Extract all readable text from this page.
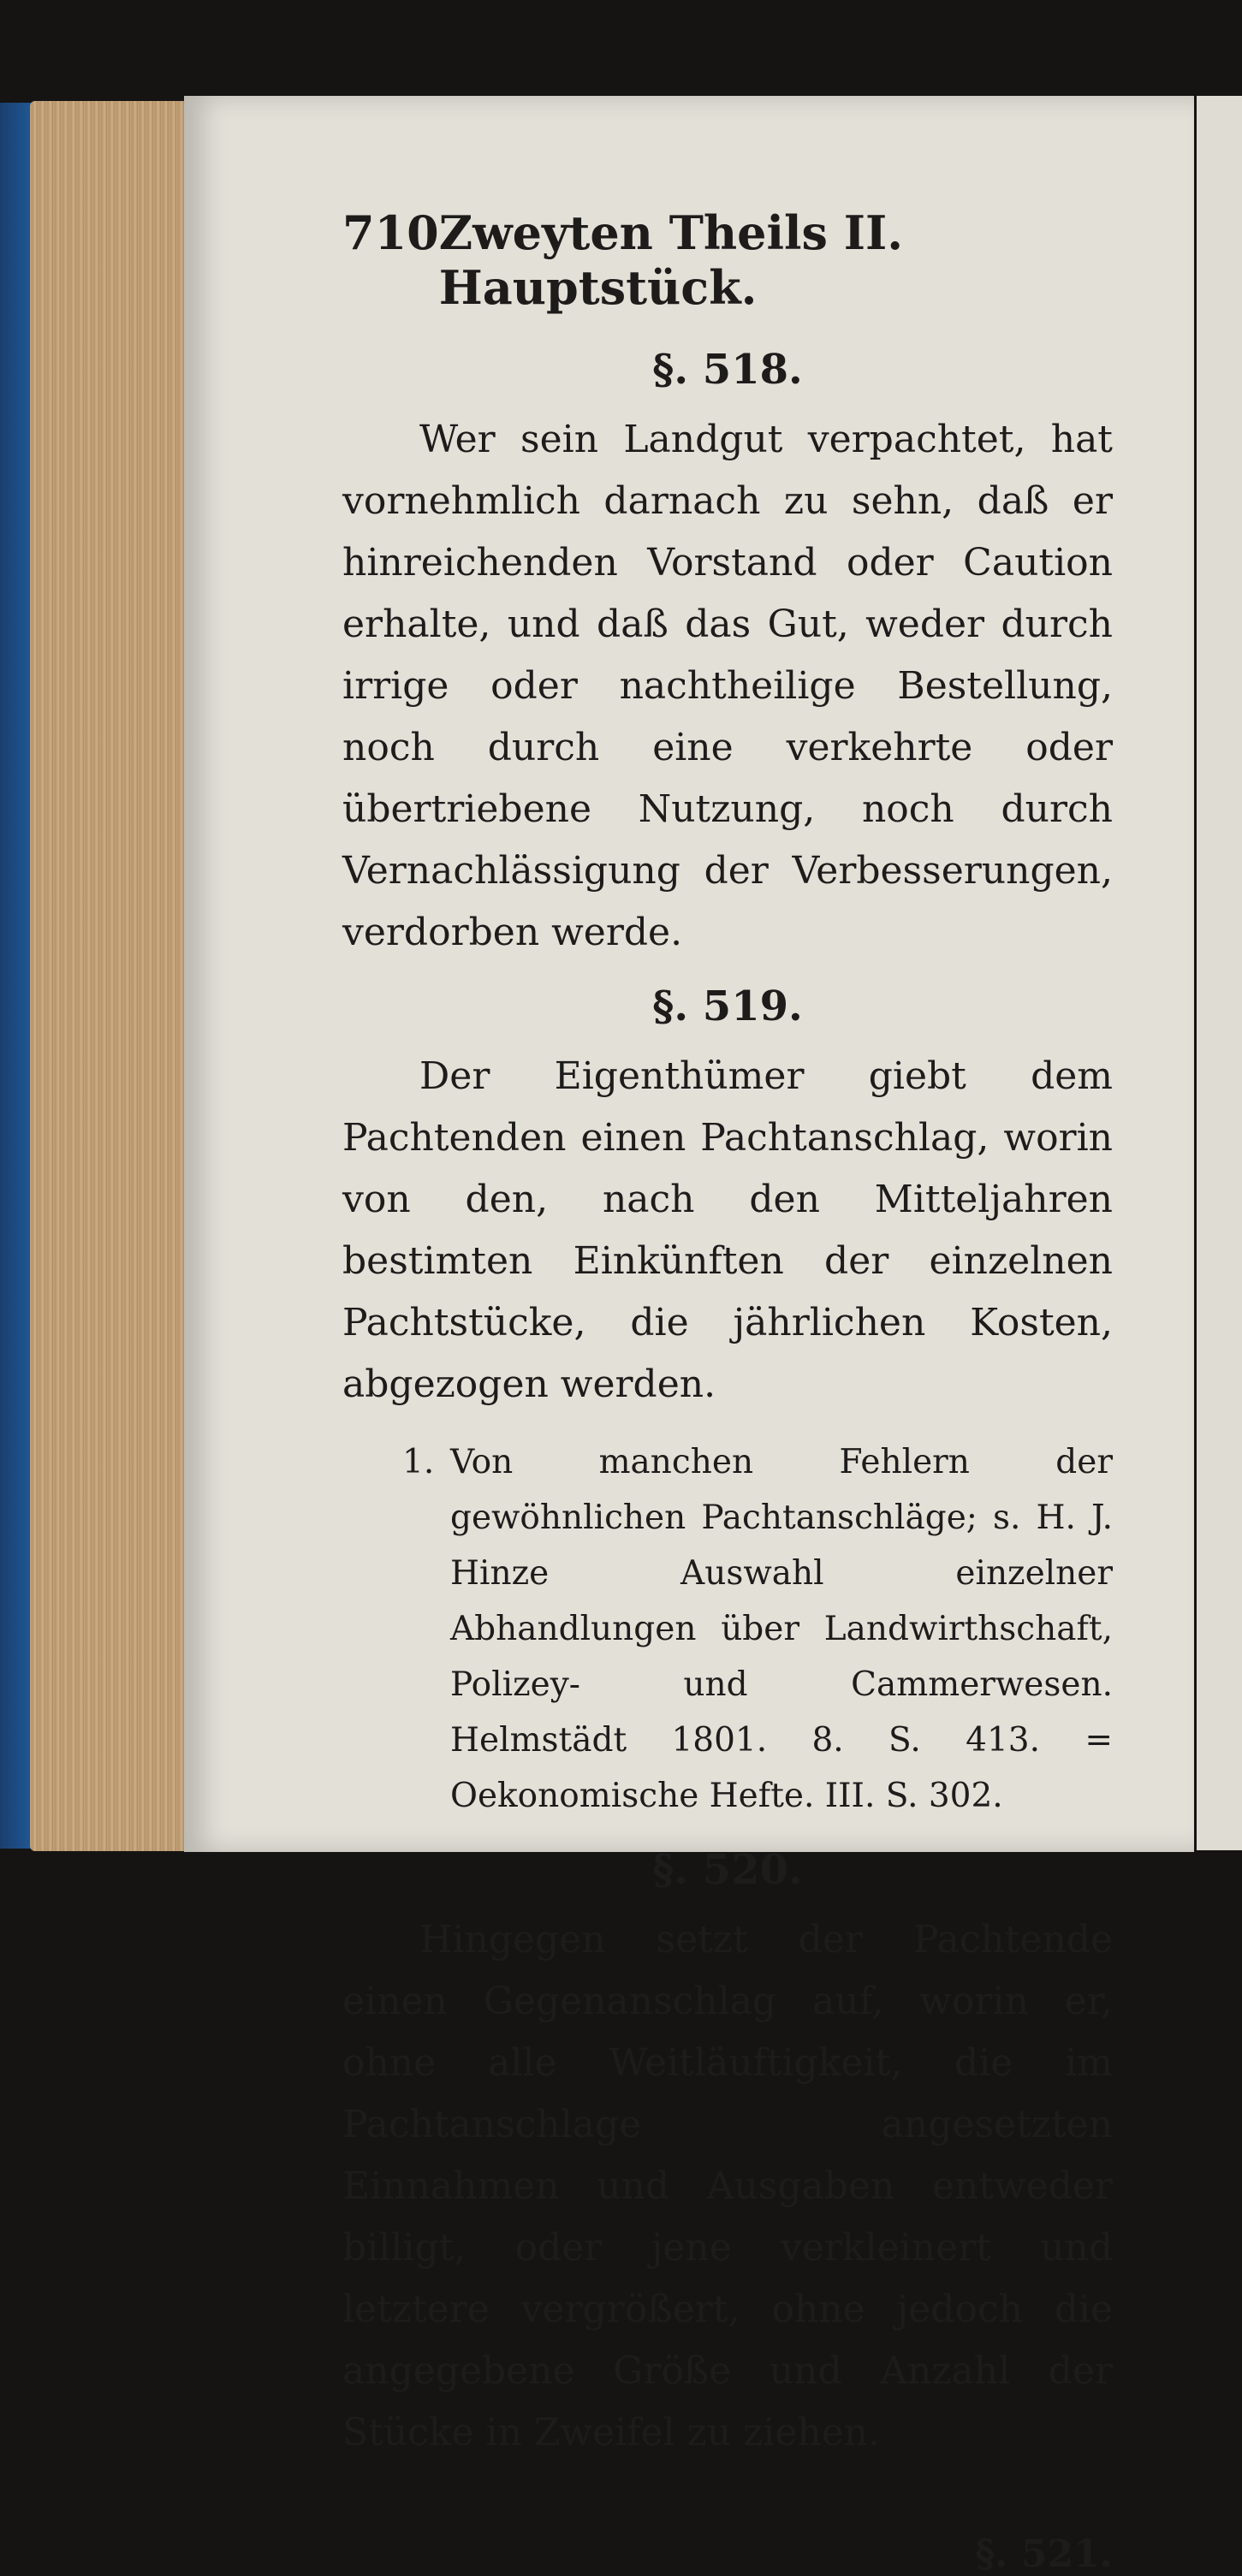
710 Zweyten Theils II. Hauptstück.
§. 518.

Wer sein Landgut verpachtet, hat vornehmlich darnach zu sehn, daß er hinreichenden Vorstand oder Caution erhalte, und daß das Gut, weder durch irrige oder nachtheilige Bestellung, noch durch eine verkehrte oder übertriebene Nutzung, noch durch Vernachlässigung der Verbesserungen, verdorben werde.

§. 519.

Der Eigenthümer giebt dem Pachtenden einen Pachtanschlag, worin von den, nach den Mitteljahren bestimten Einkünften der einzelnen Pachtstücke, die jährlichen Kosten, abgezogen werden.

1. Von manchen Fehlern der gewöhnlichen Pachtanschläge; s. H. J. Hinze Auswahl einzelner Abhandlungen über Landwirthschaft, Polizey- und Cammerwesen. Helmstädt 1801. 8. S. 413. = Oekonomische Hefte. III. S. 302.
§. 520.

Hingegen setzt der Pachtende einen Gegenanschlag auf, worin er, ohne alle Weitläuftigkeit, die im Pachtanschlage angesetzten Einnahmen und Ausgaben entweder billigt, oder jene verkleinert und letztere vergrößert, ohne jedoch die angegebene Größe und Anzahl der Stücke in Zweifel zu ziehen.

§. 521.
